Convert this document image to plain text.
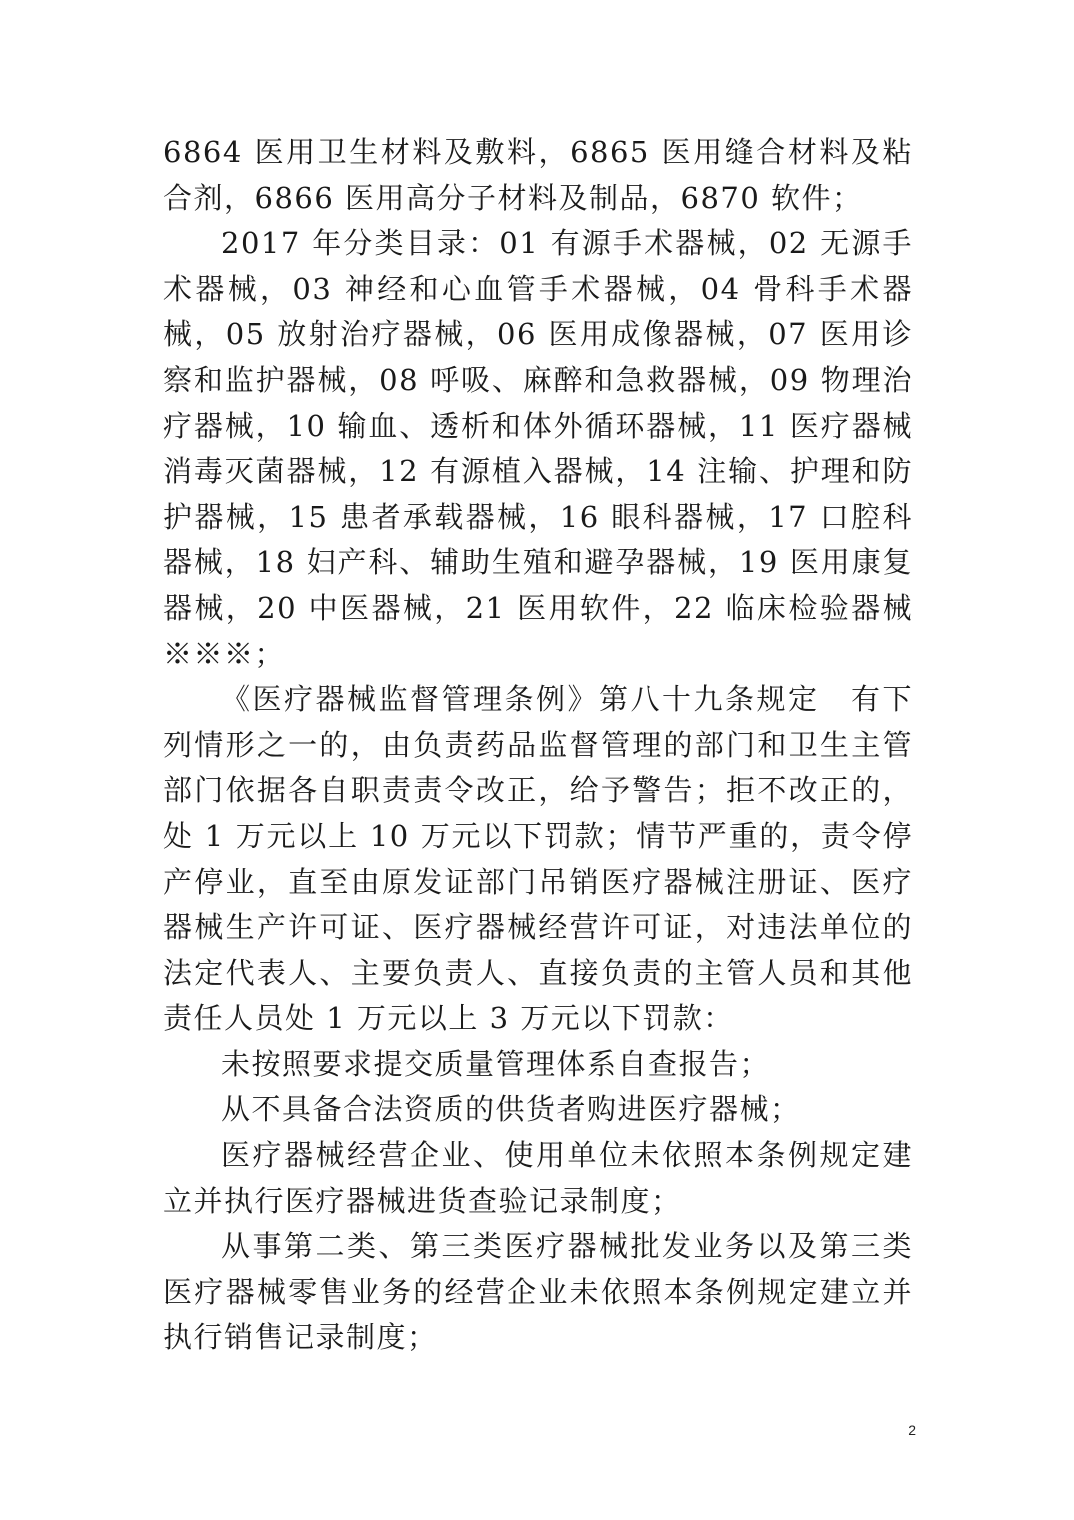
6864 医用卫生材料及敷料，6865 医用缝合材料及粘合剂，6866 医用高分子材料及制品，6870 软件；

2017 年分类目录：01 有源手术器械，02 无源手术器械，03 神经和心血管手术器械，04 骨科手术器械，05 放射治疗器械，06 医用成像器械，07 医用诊察和监护器械，08 呼吸、麻醉和急救器械，09 物理治疗器械，10 输血、透析和体外循环器械，11 医疗器械消毒灭菌器械，12 有源植入器械，14 注输、护理和防护器械，15 患者承载器械，16 眼科器械，17 口腔科器械，18 妇产科、辅助生殖和避孕器械，19 医用康复器械，20 中医器械，21 医用软件，22 临床检验器械※※※；

《医疗器械监督管理条例》第八十九条规定　有下列情形之一的，由负责药品监督管理的部门和卫生主管部门依据各自职责责令改正，给予警告；拒不改正的，处 1 万元以上 10 万元以下罚款；情节严重的，责令停产停业，直至由原发证部门吊销医疗器械注册证、医疗器械生产许可证、医疗器械经营许可证，对违法单位的法定代表人、主要负责人、直接负责的主管人员和其他责任人员处 1 万元以上 3 万元以下罚款：

未按照要求提交质量管理体系自查报告；

从不具备合法资质的供货者购进医疗器械；

医疗器械经营企业、使用单位未依照本条例规定建立并执行医疗器械进货查验记录制度；

从事第二类、第三类医疗器械批发业务以及第三类医疗器械零售业务的经营企业未依照本条例规定建立并执行销售记录制度；

2
